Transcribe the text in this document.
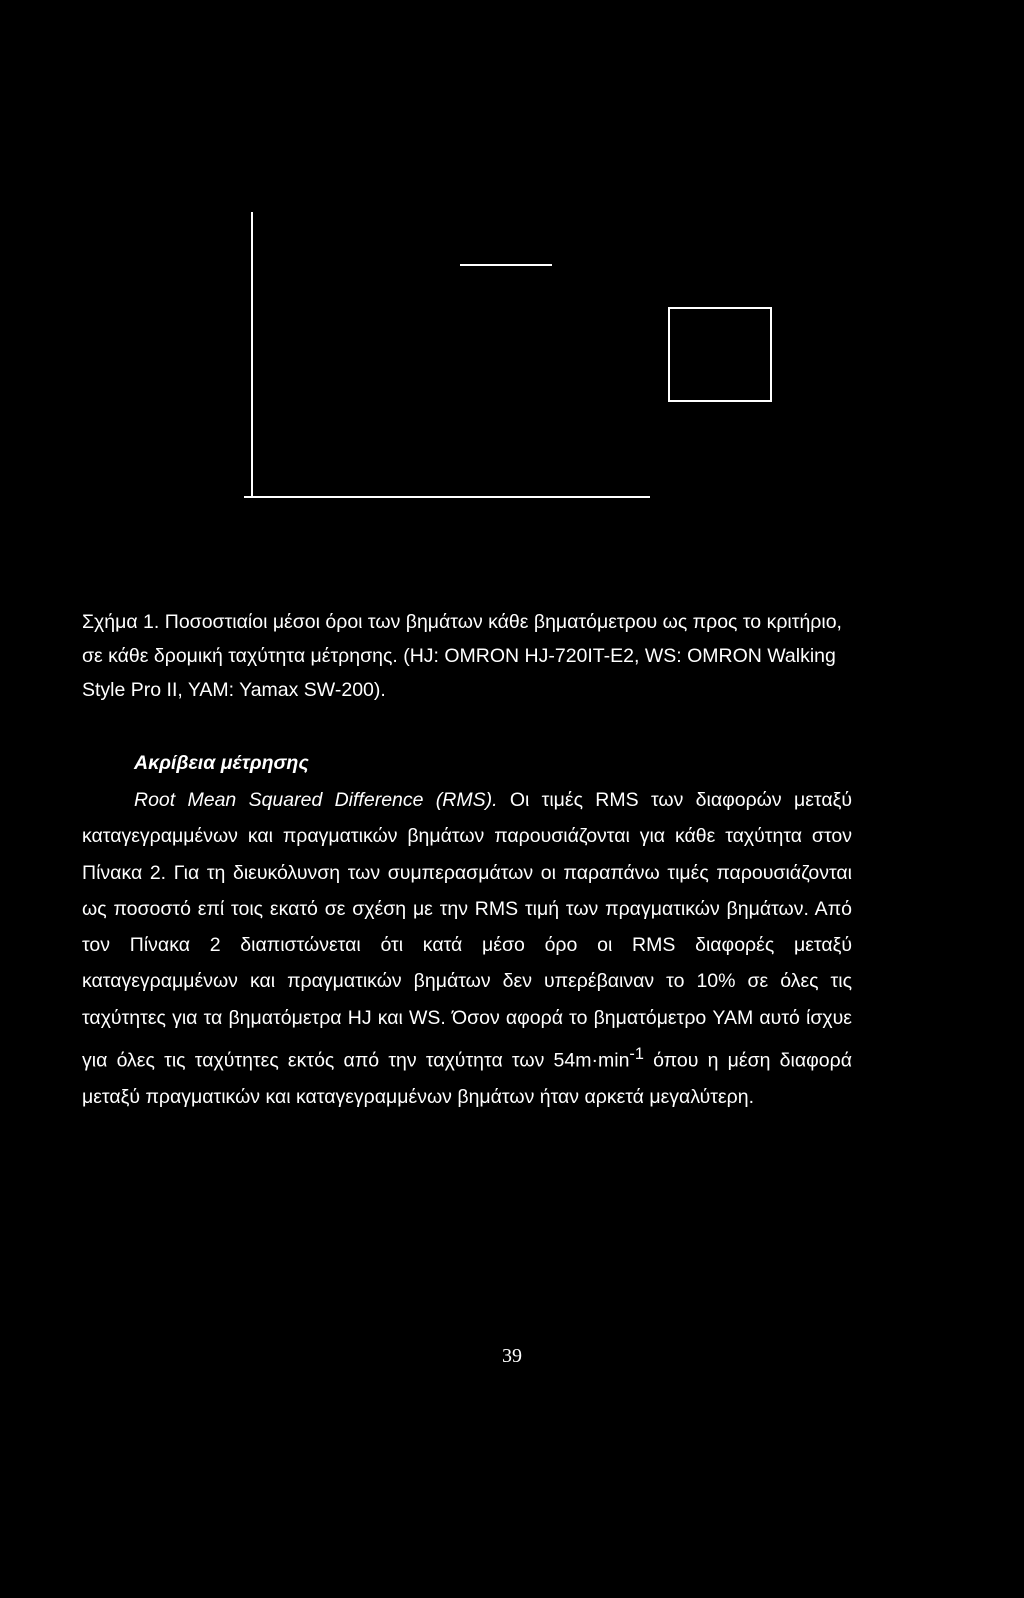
Σχήμα 1. Ποσοστιαίοι μέσοι όροι των βημάτων κάθε βηματόμετρου ως προς το κριτήριο, σε κάθε δρομική ταχύτητα μέτρησης. (HJ: OMRON HJ-720IT-E2, WS: OMRON Walking Style Pro II, YAM: Yamax SW-200).

Ακρίβεια μέτρησης

Root Mean Squared Difference (RMS). Οι τιμές RMS των διαφορών μεταξύ καταγεγραμμένων και πραγματικών βημάτων παρουσιάζονται για κάθε ταχύτητα στον Πίνακα 2. Για τη διευκόλυνση των συμπερασμάτων οι παραπάνω τιμές παρουσιάζονται ως ποσοστό επί τοις εκατό σε σχέση με την RMS τιμή των πραγματικών βημάτων. Από τον Πίνακα 2 διαπιστώνεται ότι κατά μέσο όρο οι RMS διαφορές μεταξύ καταγεγραμμένων και πραγματικών βημάτων δεν υπερέβαιναν το 10% σε όλες τις ταχύτητες για τα βηματόμετρα HJ και WS. Όσον αφορά το βηματόμετρο YAM αυτό ίσχυε για όλες τις ταχύτητες εκτός από την ταχύτητα των $54m\cdot\min^{-1}$ όπου η μέση διαφορά μεταξύ πραγματικών και καταγεγραμμένων βημάτων ήταν αρκετά μεγαλύτερη.

39
